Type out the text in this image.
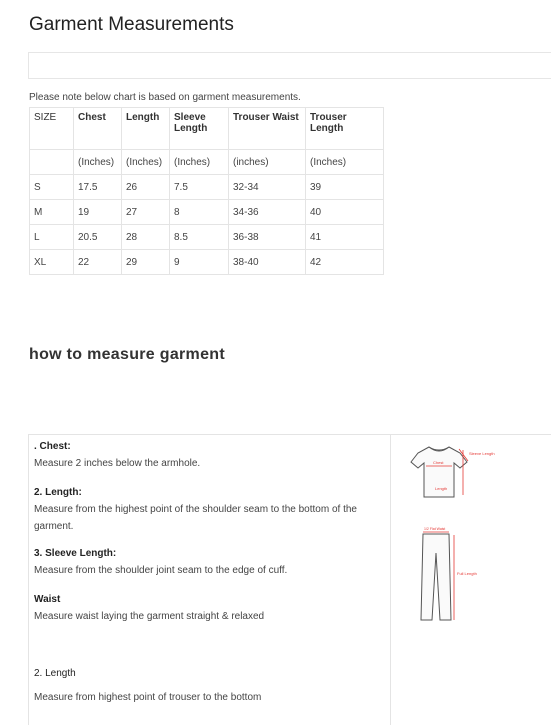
Garment Measurements
Please note below chart is based on garment measurements.
SIZE	Chest	Length	Sleeve Length	Trouser Waist	Trouser Length
	(Inches)	(Inches)	(Inches)	(inches)	(Inches)
S	17.5	26	7.5	32-34	39
M	19	27	8	34-36	40
L	20.5	28	8.5	36-38	41
XL	22	29	9	38-40	42
how to measure garment
. Chest:
Measure 2 inches below the armhole.
2. Length:
Measure from the highest point of the shoulder seam to the bottom of the garment.
3. Sleeve Length:
Measure from the shoulder joint seam to the edge of cuff.
Waist
Measure waist laying the garment straight & relaxed
2. Length
Measure from highest point of trouser to the bottom
Chest
Sleeve Length
Length
1/2 Flat Waist
Full Length
